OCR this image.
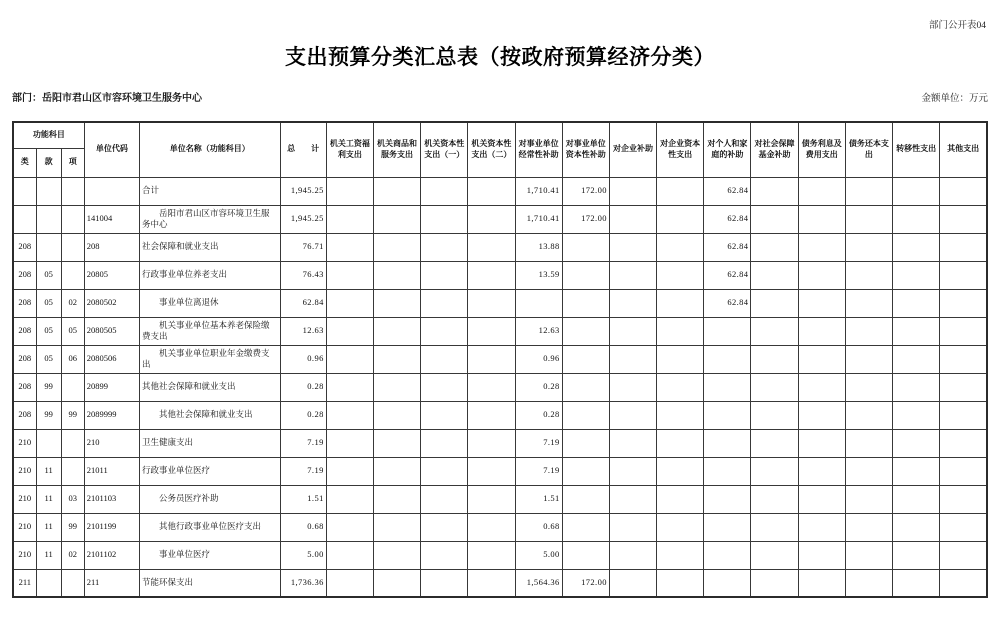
部门公开表04
支出预算分类汇总表（按政府预算经济分类）
部门：岳阳市君山区市容环境卫生服务中心	金额单位：万元
功能科目			单位代码	单位名称（功能科目）	总　　计	机关工资福利支出	机关商品和服务支出	机关资本性支出（一）	机关资本性支出（二）	对事业单位经常性补助	对事业单位资本性补助	对企业补助	对企业资本性支出	对个人和家庭的补助	对社会保障基金补助	债务利息及费用支出	债务还本支出	转移性支出	其他支出
类	款	项																	
				合计	1,945.25					1,710.41	172.00			62.84					
			141004	岳阳市君山区市容环境卫生服务中心	1,945.25					1,710.41	172.00			62.84					
208			208	社会保障和就业支出	76.71					13.88				62.84					
208	05		20805	行政事业单位养老支出	76.43					13.59				62.84					
208	05	02	2080502	事业单位离退休	62.84									62.84					
208	05	05	2080505	机关事业单位基本养老保险缴费支出	12.63					12.63									
208	05	06	2080506	机关事业单位职业年金缴费支出	0.96					0.96									
208	99		20899	其他社会保障和就业支出	0.28					0.28									
208	99	99	2089999	其他社会保障和就业支出	0.28					0.28									
210			210	卫生健康支出	7.19					7.19									
210	11		21011	行政事业单位医疗	7.19					7.19									
210	11	03	2101103	公务员医疗补助	1.51					1.51									
210	11	99	2101199	其他行政事业单位医疗支出	0.68					0.68									
210	11	02	2101102	事业单位医疗	5.00					5.00									
211			211	节能环保支出	1,736.36					1,564.36	172.00								
